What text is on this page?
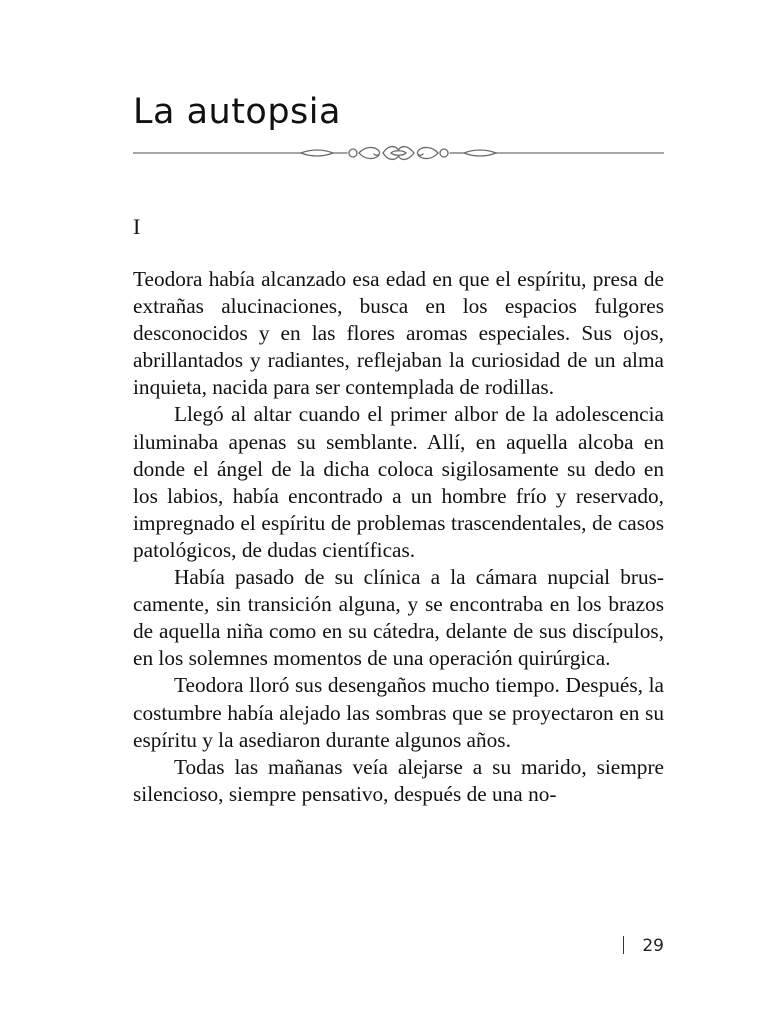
La autopsia
I

Teodora había alcanzado esa edad en que el espíritu, presa de extrañas alucinaciones, busca en los espacios fulgores desconocidos y en las flores aromas especiales. Sus ojos, abrillantados y radiantes, reflejaban la curiosidad de un alma inquieta, nacida para ser contemplada de rodillas.

Llegó al altar cuando el primer albor de la adolescencia iluminaba apenas su semblante. Allí, en aquella alcoba en donde el ángel de la dicha coloca sigilosamente su dedo en los labios, había encontrado a un hombre frío y reservado, impregnado el espíritu de problemas trascendentales, de casos patológicos, de dudas científicas.

Había pasado de su clínica a la cámara nupcial bruscamente, sin transición alguna, y se encontraba en los brazos de aquella niña como en su cátedra, delante de sus discípulos, en los solemnes momentos de una operación quirúrgica.

Teodora lloró sus desengaños mucho tiempo. Después, la costumbre había alejado las sombras que se proyectaron en su espíritu y la asediaron durante algunos años.

Todas las mañanas veía alejarse a su marido, siempre silencioso, siempre pensativo, después de una no-

29
